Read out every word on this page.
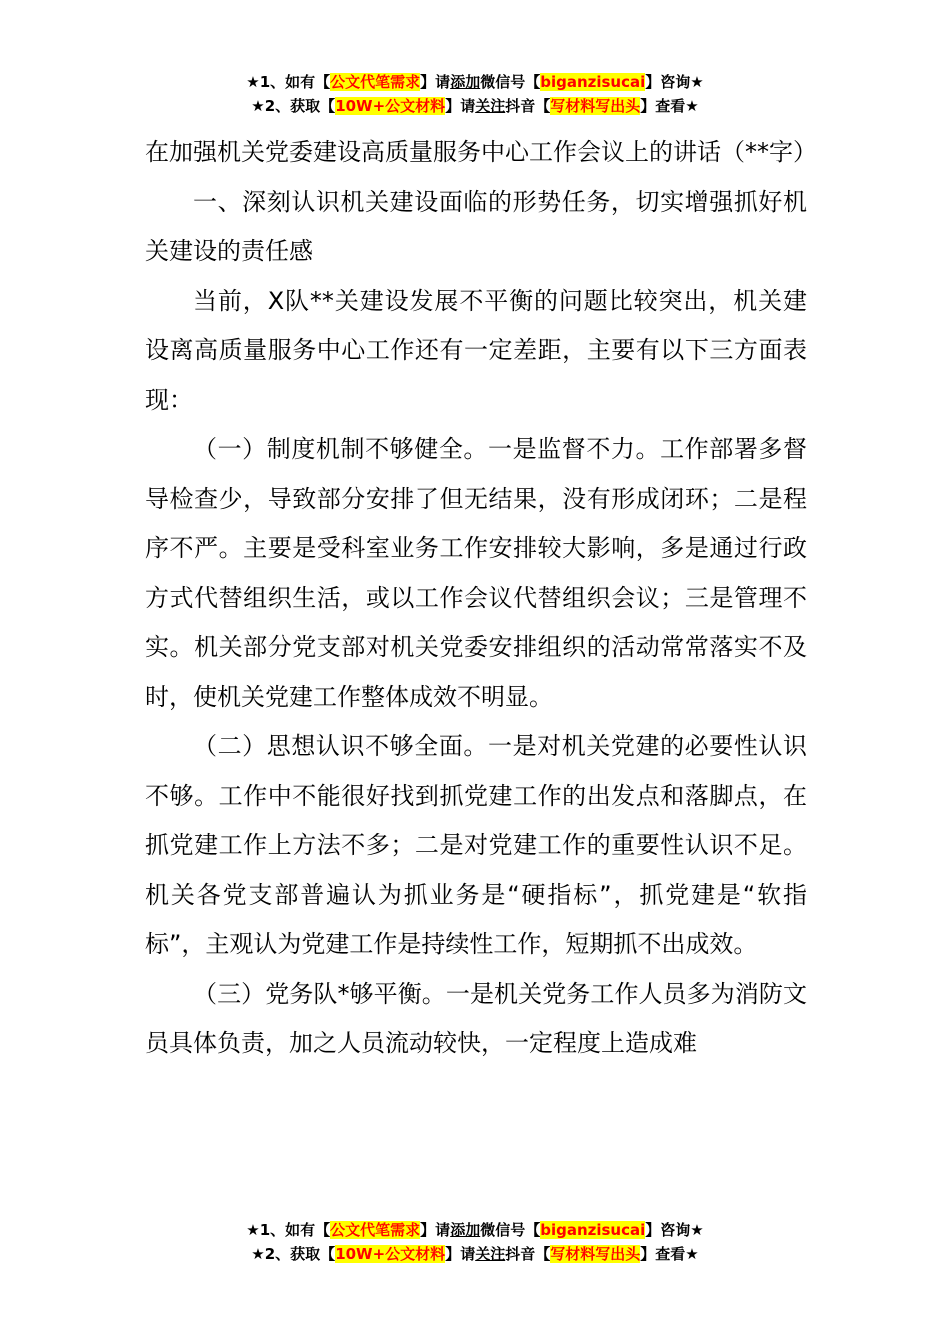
★1、如有【公文代笔需求】请添加微信号【biganzisucai】咨询★
★2、获取【10W+公文材料】请关注抖音【写材料写出头】查看★

在加强机关党委建设高质量服务中心工作会议上的讲话（**字）

一、深刻认识机关建设面临的形势任务，切实增强抓好机关建设的责任感

当前，X队**关建设发展不平衡的问题比较突出，机关建设离高质量服务中心工作还有一定差距，主要有以下三方面表现：

（一）制度机制不够健全。一是监督不力。工作部署多督导检查少，导致部分安排了但无结果，没有形成闭环；二是程序不严。主要是受科室业务工作安排较大影响，多是通过行政方式代替组织生活，或以工作会议代替组织会议；三是管理不实。机关部分党支部对机关党委安排组织的活动常常落实不及时，使机关党建工作整体成效不明显。

（二）思想认识不够全面。一是对机关党建的必要性认识不够。工作中不能很好找到抓党建工作的出发点和落脚点，在抓党建工作上方法不多；二是对党建工作的重要性认识不足。机关各党支部普遍认为抓业务是“硬指标”，抓党建是“软指标”，主观认为党建工作是持续性工作，短期抓不出成效。

（三）党务队*够平衡。一是机关党务工作人员多为消防文员具体负责，加之人员流动较快，一定程度上造成难

★1、如有【公文代笔需求】请添加微信号【biganzisucai】咨询★
★2、获取【10W+公文材料】请关注抖音【写材料写出头】查看★
